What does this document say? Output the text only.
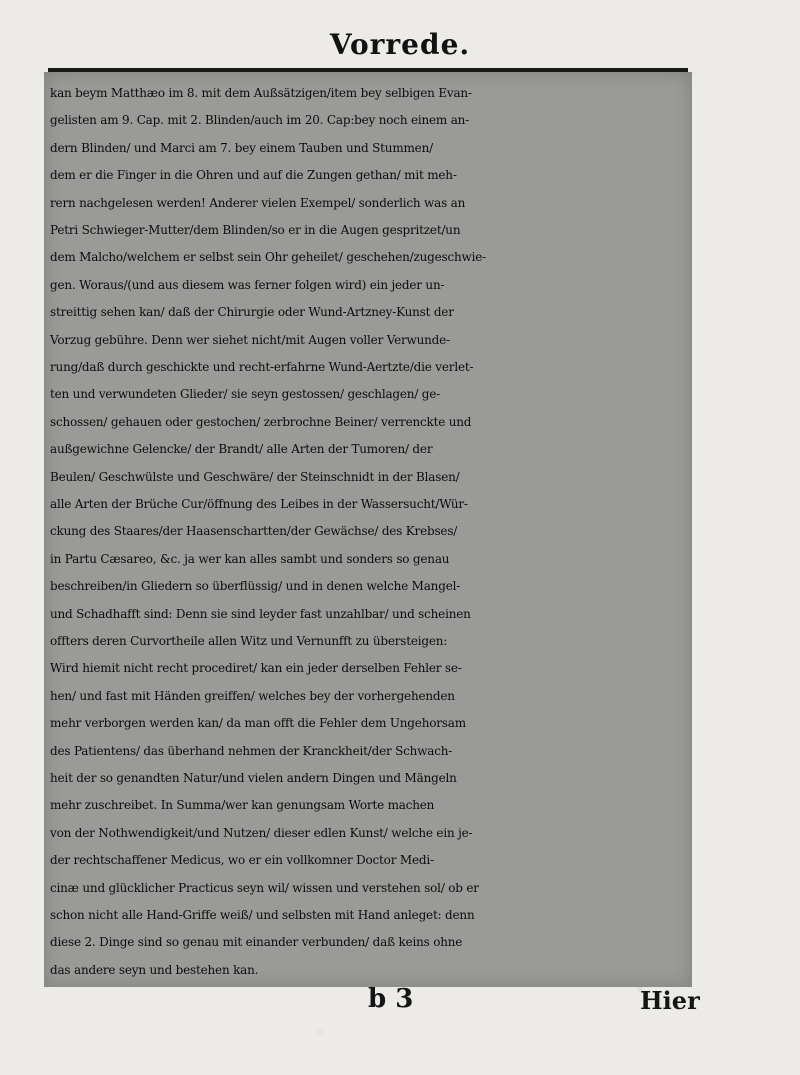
Vorrede.
kan beym Matthæo im 8. mit dem Außsätzigen/item bey selbigen Evan-
gelisten am 9. Cap. mit 2. Blinden/auch im 20. Cap:bey noch einem an-
dern Blinden/ und Marci am 7. bey einem Tauben und Stummen/
dem er die Finger in die Ohren und auf die Zungen gethan/ mit meh-
rern nachgelesen werden! Anderer vielen Exempel/ sonderlich was an
Petri Schwieger-Mutter/dem Blinden/so er in die Augen gespritzet/un
dem Malcho/welchem er selbst sein Ohr geheilet/ geschehen/zugeschwie-
gen. Woraus/(und aus diesem was ferner folgen wird) ein jeder un-
streittig sehen kan/ daß der Chirurgie oder Wund-Artzney-Kunst der
Vorzug gebühre. Denn wer siehet nicht/mit Augen voller Verwunde-
rung/daß durch geschickte und recht-erfahrne Wund-Aertzte/die verlet-
ten und verwundeten Glieder/ sie seyn gestossen/ geschlagen/ ge-
schossen/ gehauen oder gestochen/ zerbrochne Beiner/ verrenckte und
außgewichne Gelencke/ der Brandt/ alle Arten der Tumoren/ der
Beulen/ Geschwülste und Geschwäre/ der Steinschnidt in der Blasen/
alle Arten der Brüche Cur/öffnung des Leibes in der Wassersucht/Wür-
ckung des Staares/der Haasenschartten/der Gewächse/ des Krebses/
in Partu Cæsareo, &c. ja wer kan alles sambt und sonders so genau
beschreiben/in Gliedern so überflüssig/ und in denen welche Mangel-
und Schadhafft sind: Denn sie sind leyder fast unzahlbar/ und scheinen
offters deren Curvortheile allen Witz und Vernunfft zu übersteigen:
Wird hiemit nicht recht procediret/ kan ein jeder derselben Fehler se-
hen/ und fast mit Händen greiffen/ welches bey der vorhergehenden
mehr verborgen werden kan/ da man offt die Fehler dem Ungehorsam
des Patientens/ das überhand nehmen der Kranckheit/der Schwach-
heit der so genandten Natur/und vielen andern Dingen und Mängeln
mehr zuschreibet. In Summa/wer kan genungsam Worte machen
von der Nothwendigkeit/und Nutzen/ dieser edlen Kunst/ welche ein je-
der rechtschaffener Medicus, wo er ein vollkomner Doctor Medi-
cinæ und glücklicher Practicus seyn wil/ wissen und verstehen sol/ ob er
schon nicht alle Hand-Griffe weiß/ und selbsten mit Hand anleget: denn
diese 2. Dinge sind so genau mit einander verbunden/ daß keins ohne
das andere seyn und bestehen kan.
b 3	Hier
